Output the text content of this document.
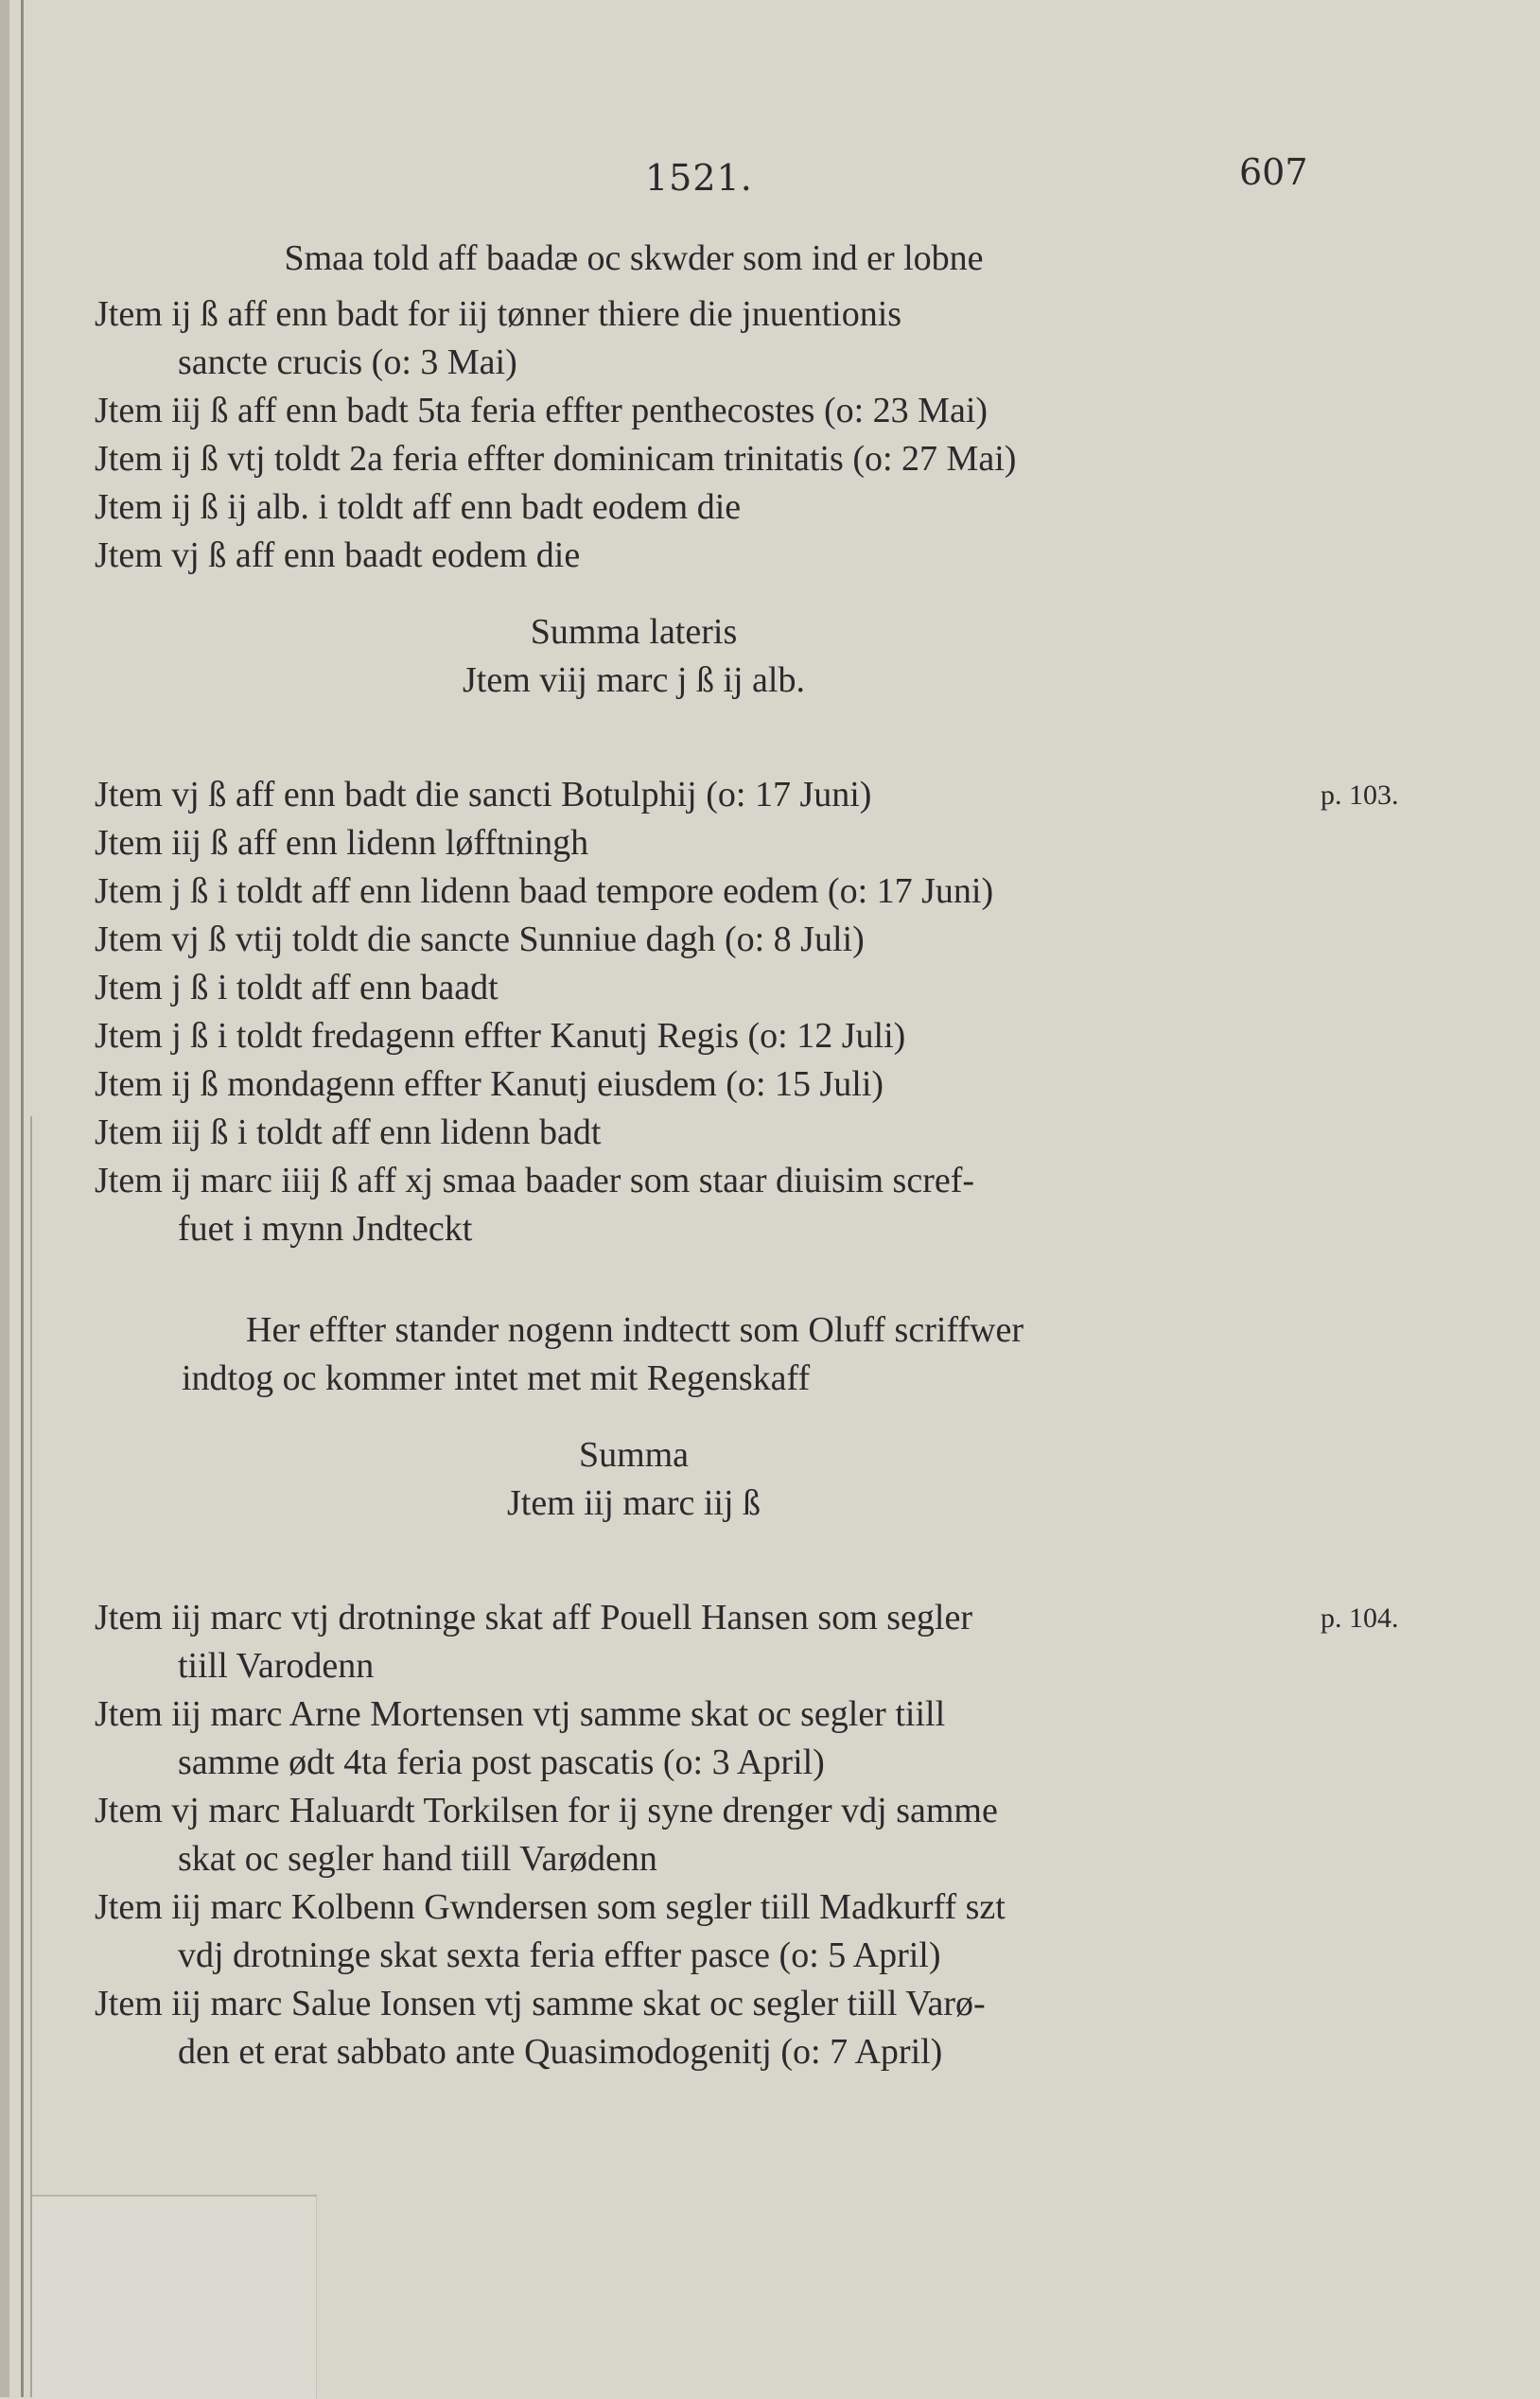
1521.	607
Smaa told aff baadæ oc skwder som ind er lobne
Jtem ij ß aff enn badt for iij tønner thiere die jnuentionis
sancte crucis (o: 3 Mai)
Jtem iij ß aff enn badt 5ta feria effter penthecostes (o: 23 Mai)
Jtem ij ß vtj toldt 2a feria effter dominicam trinitatis (o: 27 Mai)
Jtem ij ß ij alb. i toldt aff enn badt eodem die
Jtem vj ß aff enn baadt eodem die
Summa lateris
Jtem viij marc j ß ij alb.
Jtem vj ß aff enn badt die sancti Botulphij (o: 17 Juni)	p. 103.
Jtem iij ß aff enn lidenn løfftningh
Jtem j ß i toldt aff enn lidenn baad tempore eodem (o: 17 Juni)
Jtem vj ß vtij toldt die sancte Sunniue dagh (o: 8 Juli)
Jtem j ß i toldt aff enn baadt
Jtem j ß i toldt fredagenn effter Kanutj Regis (o: 12 Juli)
Jtem ij ß mondagenn effter Kanutj eiusdem (o: 15 Juli)
Jtem iij ß i toldt aff enn lidenn badt
Jtem ij marc iiij ß aff xj smaa baader som staar diuisim scref-
fuet i mynn Jndteckt
Her effter stander nogenn indtectt som Oluff scriffwer
indtog oc kommer intet met mit Regenskaff
Summa
Jtem iij marc iij ß
Jtem iij marc vtj drotninge skat aff Pouell Hansen som segler	p. 104.
tiill Varodenn
Jtem iij marc Arne Mortensen vtj samme skat oc segler tiill
samme ødt 4ta feria post pascatis (o: 3 April)
Jtem vj marc Haluardt Torkilsen for ij syne drenger vdj samme
skat oc segler hand tiill Varødenn
Jtem iij marc Kolbenn Gwndersen som segler tiill Madkurff szt
vdj drotninge skat sexta feria effter pasce (o: 5 April)
Jtem iij marc Salue Ionsen vtj samme skat oc segler tiill Varø-
den et erat sabbato ante Quasimodogenitj (o: 7 April)
